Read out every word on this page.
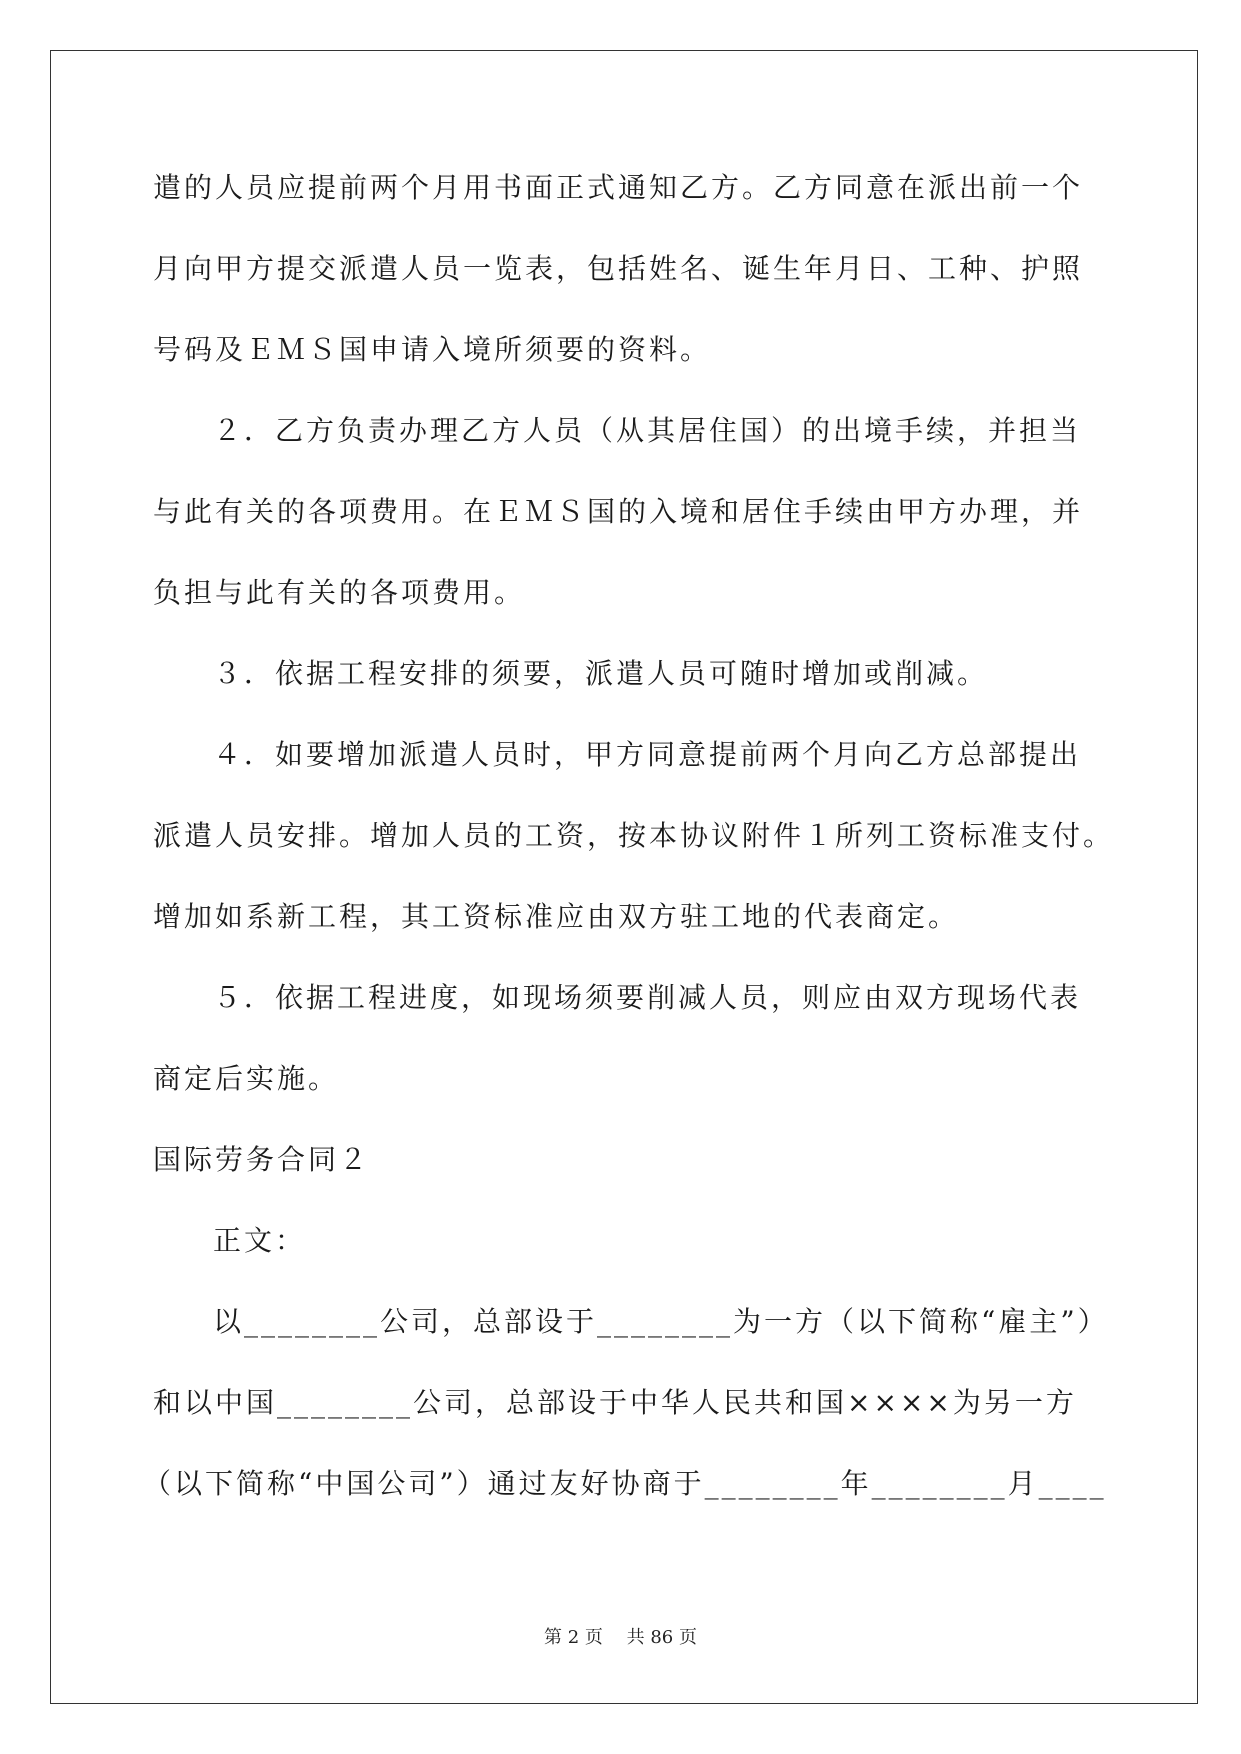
遣的人员应提前两个月用书面正式通知乙方。乙方同意在派出前一个
月向甲方提交派遣人员一览表，包括姓名、诞生年月日、工种、护照
号码及ＥＭＳ国申请入境所须要的资料。
２．乙方负责办理乙方人员（从其居住国）的出境手续，并担当
与此有关的各项费用。在ＥＭＳ国的入境和居住手续由甲方办理，并
负担与此有关的各项费用。
３．依据工程安排的须要，派遣人员可随时增加或削减。
４．如要增加派遣人员时，甲方同意提前两个月向乙方总部提出
派遣人员安排。增加人员的工资，按本协议附件１所列工资标准支付。
增加如系新工程，其工资标准应由双方驻工地的代表商定。
５．依据工程进度，如现场须要削减人员，则应由双方现场代表
商定后实施。
国际劳务合同２
正文：
以________公司，总部设于________为一方（以下简称“雇主”）
和以中国________公司，总部设于中华人民共和国××××为另一方
（以下简称“中国公司”）通过友好协商于________年________月____
第 2 页　 共 86 页
